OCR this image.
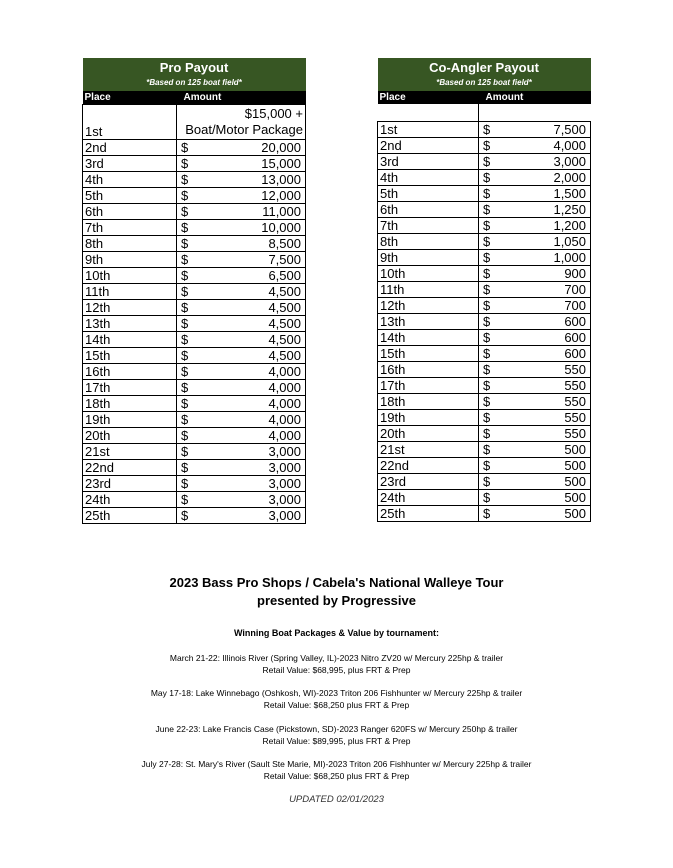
Pro Payout	
*Based on 125 boat field*	
Place	Amount
1st	$15,000 +
Boat/Motor Package

2nd	$ 20,000

3rd	$ 15,000

4th	$ 13,000

5th	$ 12,000

6th	$ 11,000

7th	$ 10,000

8th	$ 8,500

9th	$ 7,500

10th	$ 6,500

11th	$ 4,500

12th	$ 4,500

13th	$ 4,500

14th	$ 4,500

15th	$ 4,500

16th	$ 4,000

17th	$ 4,000

18th	$ 4,000

19th	$ 4,000

20th	$ 4,000

21st	$ 3,000

22nd	$ 3,000

23rd	$ 3,000

24th	$ 3,000

25th	$ 3,000
Co-Angler Payout	
*Based on 125 boat field*	
Place	Amount

1st	$ 7,500

2nd	$ 4,000

3rd	$ 3,000

4th	$ 2,000

5th	$ 1,500

6th	$ 1,250

7th	$ 1,200

8th	$ 1,050

9th	$ 1,000

10th	$ 900

11th	$ 700

12th	$ 700

13th	$ 600

14th	$ 600

15th	$ 600

16th	$ 550

17th	$ 550

18th	$ 550

19th	$ 550

20th	$ 550

21st	$ 500

22nd	$ 500

23rd	$ 500

24th	$ 500

25th	$ 500
2023 Bass Pro Shops / Cabela's National Walleye Tour
presented by Progressive
Winning Boat Packages & Value by tournament:
March 21-22: Illinois River (Spring Valley, IL)-2023 Nitro ZV20 w/ Mercury 225hp & trailer
Retail Value: $68,995, plus FRT & Prep
May 17-18: Lake Winnebago (Oshkosh, WI)-2023 Triton 206 Fishhunter w/ Mercury 225hp & trailer
Retail Value: $68,250 plus FRT & Prep
June 22-23: Lake Francis Case (Pickstown, SD)-2023 Ranger 620FS w/ Mercury 250hp & trailer
Retail Value: $89,995, plus FRT & Prep
July 27-28: St. Mary's River (Sault Ste Marie, MI)-2023 Triton 206 Fishhunter w/ Mercury 225hp & trailer
Retail Value: $68,250 plus FRT & Prep
UPDATED 02/01/2023
